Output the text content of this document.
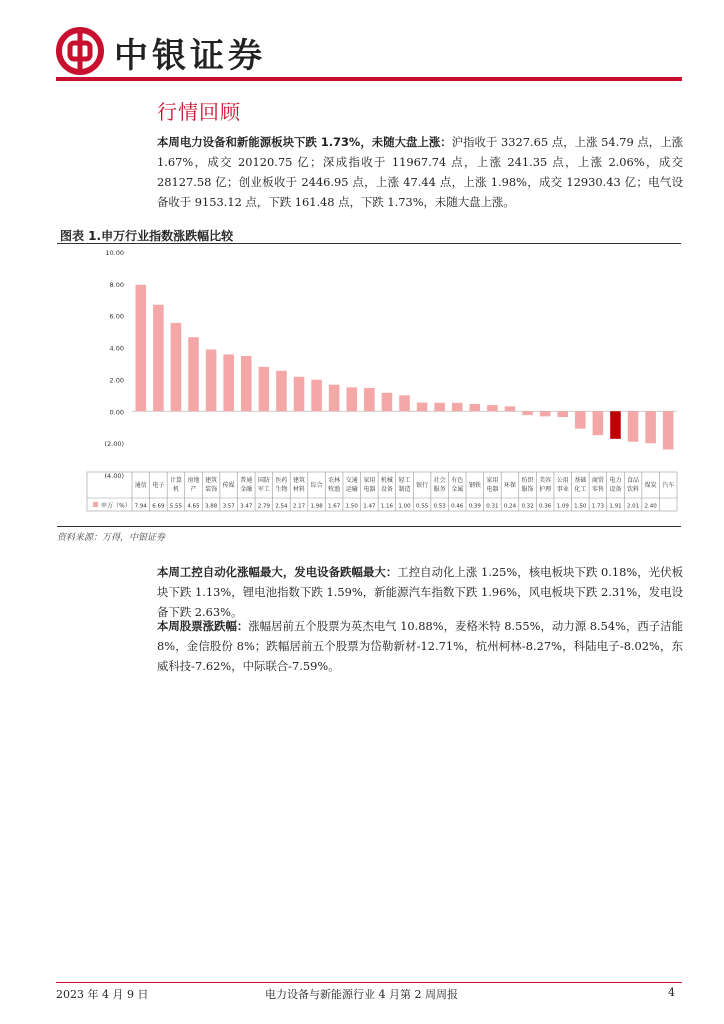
中银证券
行情回顾
本周电力设备和新能源板块下跌 1.73%，未随大盘上涨：沪指收于 3327.65 点，上涨 54.79 点，上涨 1.67%，成交 20120.75 亿；深成指收于 11967.74 点，上涨 241.35 点，上涨 2.06%，成交 28127.58 亿；创业板收于 2446.95 点，上涨 47.44 点，上涨 1.98%，成交 12930.43 亿；电气设备收于 9153.12 点，下跌 161.48 点，下跌 1.73%，未随大盘上涨。
图表 1.申万行业指数涨跌幅比较
10.00
8.00
6.00
4.00
2.00
0.00
(2.00)
(4.00)
申万（%）
通信
7.94
电子
6.69
计算
机
5.55
房地
产
4.65
建筑
装饰
3.88
传媒
3.57
普通
金融
3.47
国防
军工
2.79
医药
生物
2.54
建筑
材料
2.17
综合
1.98
农林
牧渔
1.67
交通
运输
1.50
家用
电器
1.47
机械
设备
1.16
轻工
制造
1.00
银行
0.55
社会
服务
0.53
有色
金属
0.46
钢铁
0.39
家用
电器
0.31
环保
0.24
纺织
服饰
0.32
美容
护理
0.36
公用
事业
1.09
基础
化工
1.50
商贸
零售
1.73
电力
设备
1.91
食品
饮料
2.01
煤炭
2.40
汽车
资料来源：万得，中银证券
本周工控自动化涨幅最大，发电设备跌幅最大：工控自动化上涨 1.25%，核电板块下跌 0.18%，光伏板块下跌 1.13%，锂电池指数下跌 1.59%，新能源汽车指数下跌 1.96%，风电板块下跌 2.31%，发电设备下跌 2.63%。
本周股票涨跌幅：涨幅居前五个股票为英杰电气 10.88%，麦格米特 8.55%，动力源 8.54%，西子洁能 8%，金信股份 8%；跌幅居前五个股票为岱勒新材-12.71%，杭州柯林-8.27%，科陆电子-8.02%，东威科技-7.62%，中际联合-7.59%。
2023 年 4 月 9 日	电力设备与新能源行业 4 月第 2 周周报	4
